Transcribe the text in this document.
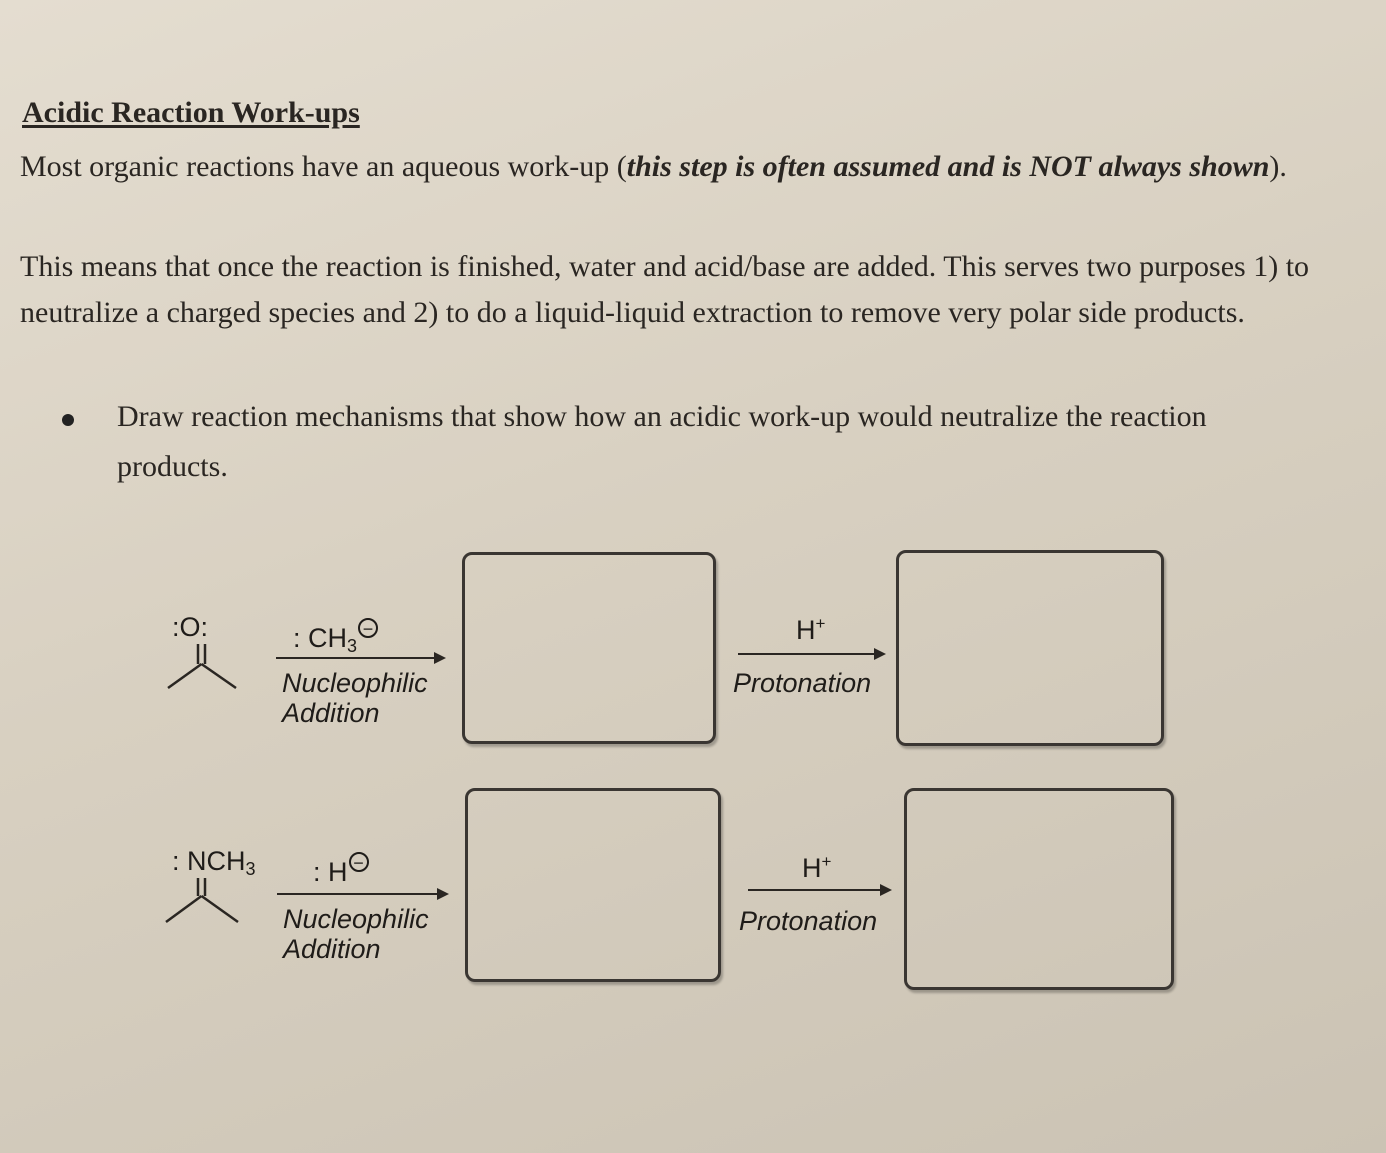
Acidic Reaction Work-ups

Most organic reactions have an aqueous work-up (this step is often assumed and is NOT always shown).

This means that once the reaction is finished, water and acid/base are added. This serves two purposes 1) to neutralize a charged species and 2) to do a liquid-liquid extraction to remove very polar side products.

Draw reaction mechanisms that show how an acidic work-up would neutralize the reaction products.
:O:	: $CH_3-$
Nucleophilic
Addition
H+
Protonation
: $NCH_3$ : H −
Nucleophilic
Addition
H+
Protonation
